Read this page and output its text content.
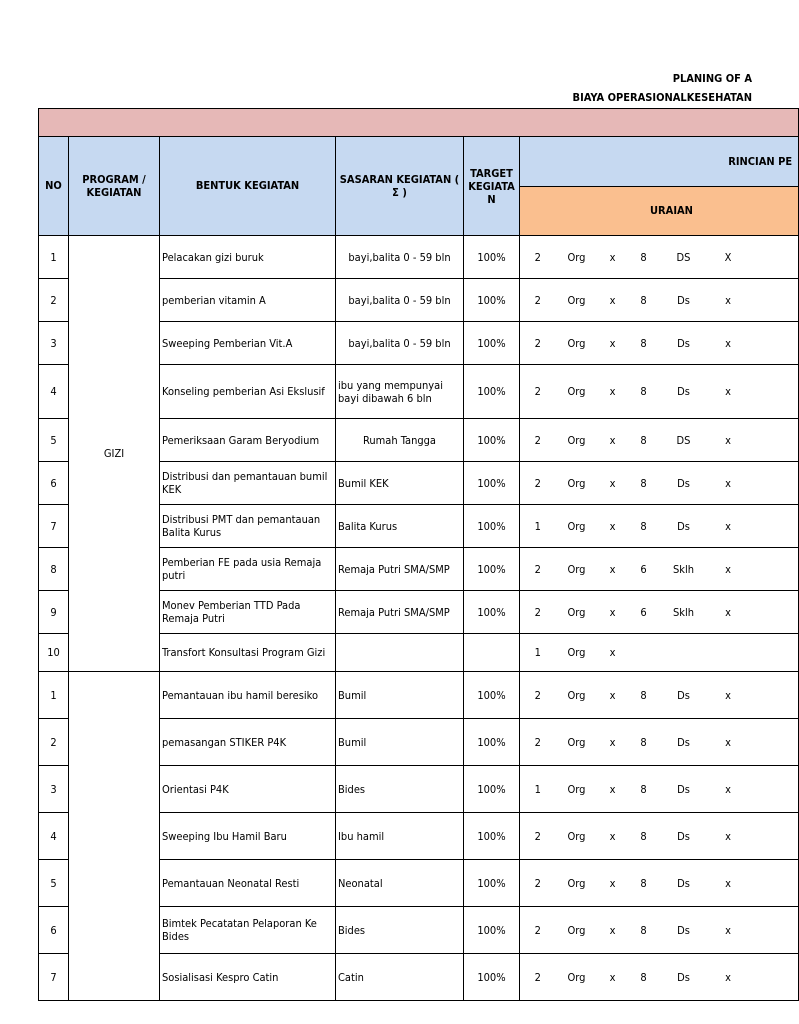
PLANING OF A
BIAYA OPERASIONALKESEHATAN

NO	PROGRAM / KEGIATAN	BENTUK KEGIATAN	SASARAN KEGIATAN ( Σ )	TARGET KEGIATA N	RINCIAN PE						
					URAIAN						
1	GIZI	Pelacakan gizi buruk	bayi,balita 0 - 59 bln	100%	2	Org	x	8	DS	X	
2		pemberian vitamin A	bayi,balita 0 - 59 bln	100%	2	Org	x	8	Ds	x	
3		Sweeping Pemberian Vit.A	bayi,balita 0 - 59 bln	100%	2	Org	x	8	Ds	x	
4		Konseling pemberian Asi Ekslusif	ibu yang mempunyai bayi dibawah 6 bln	100%	2	Org	x	8	Ds	x	
5		Pemeriksaan Garam Beryodium	Rumah Tangga	100%	2	Org	x	8	DS	x	
6		Distribusi dan pemantauan bumil KEK	Bumil KEK	100%	2	Org	x	8	Ds	x	
7		Distribusi PMT dan pemantauan Balita Kurus	Balita Kurus	100%	1	Org	x	8	Ds	x	
8		Pemberian FE pada usia Remaja putri	Remaja Putri SMA/SMP	100%	2	Org	x	6	Sklh	x	
9		Monev Pemberian TTD Pada Remaja Putri	Remaja Putri SMA/SMP	100%	2	Org	x	6	Sklh	x	
10		Transfort Konsultasi Program Gizi			1	Org	x				
1		Pemantauan ibu hamil beresiko	Bumil	100%	2	Org	x	8	Ds	x	
2		pemasangan STIKER P4K	Bumil	100%	2	Org	x	8	Ds	x	
3		Orientasi P4K	Bides	100%	1	Org	x	8	Ds	x	
4		Sweeping Ibu Hamil Baru	Ibu hamil	100%	2	Org	x	8	Ds	x	
5		Pemantauan Neonatal Resti	Neonatal	100%	2	Org	x	8	Ds	x	
6		Bimtek Pecatatan Pelaporan Ke Bides	Bides	100%	2	Org	x	8	Ds	x	
7		Sosialisasi Kespro Catin	Catin	100%	2	Org	x	8	Ds	x	
